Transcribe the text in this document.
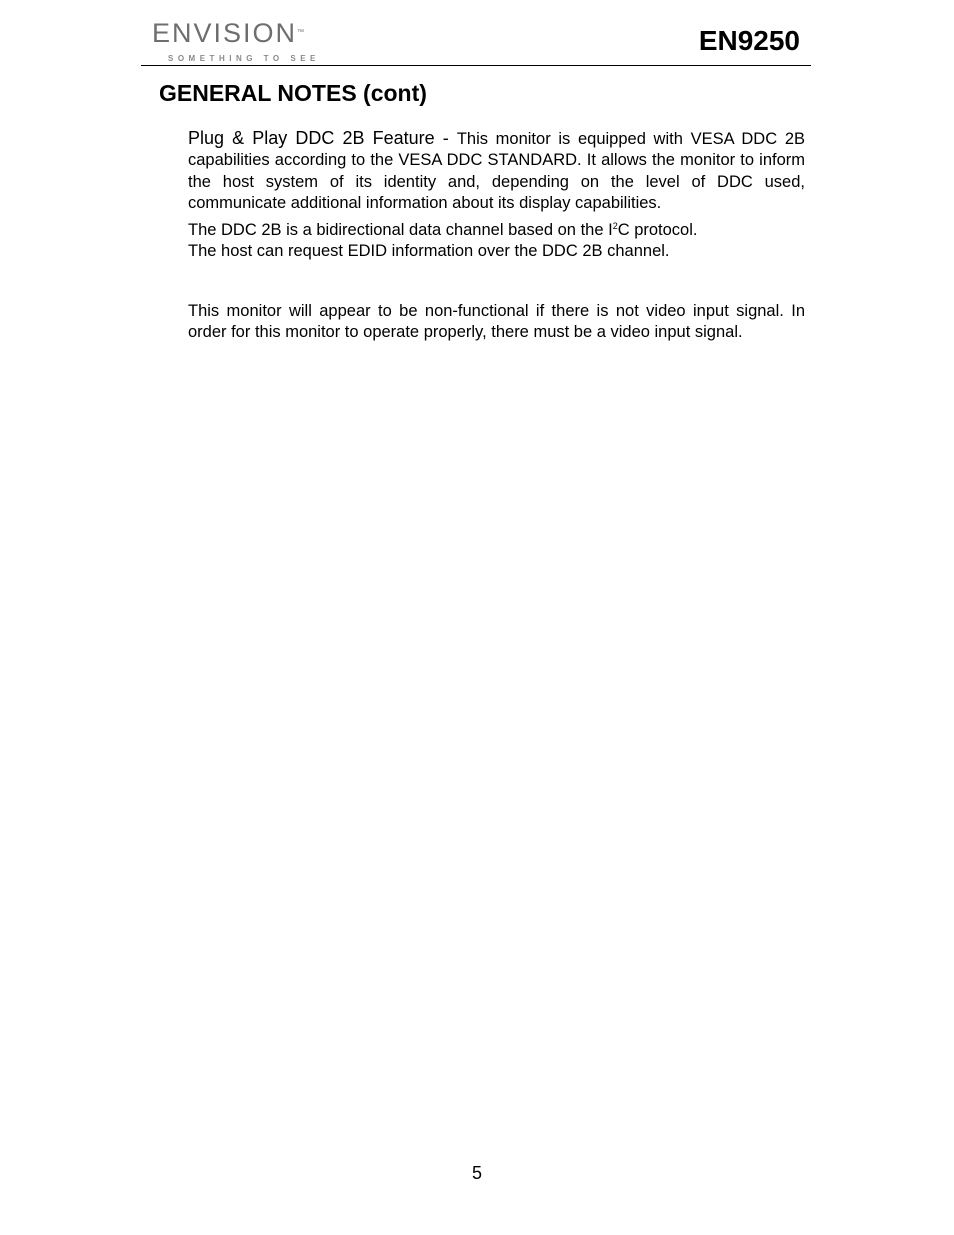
ENVISION™
SOMETHING TO SEE
EN9250
GENERAL NOTES (cont)

Plug & Play DDC 2B Feature - This monitor is equipped with VESA DDC 2B capabilities according to the VESA DDC STANDARD. It allows the monitor to inform the host system of its identity and, depending on the level of DDC used, communicate additional information about its display capabilities.

The DDC 2B is a bidirectional data channel based on the $I^2C$ protocol.
The host can request EDID information over the DDC 2B channel.

This monitor will appear to be non-functional if there is not video input signal. In order for this monitor to operate properly, there must be a video input signal.

5
